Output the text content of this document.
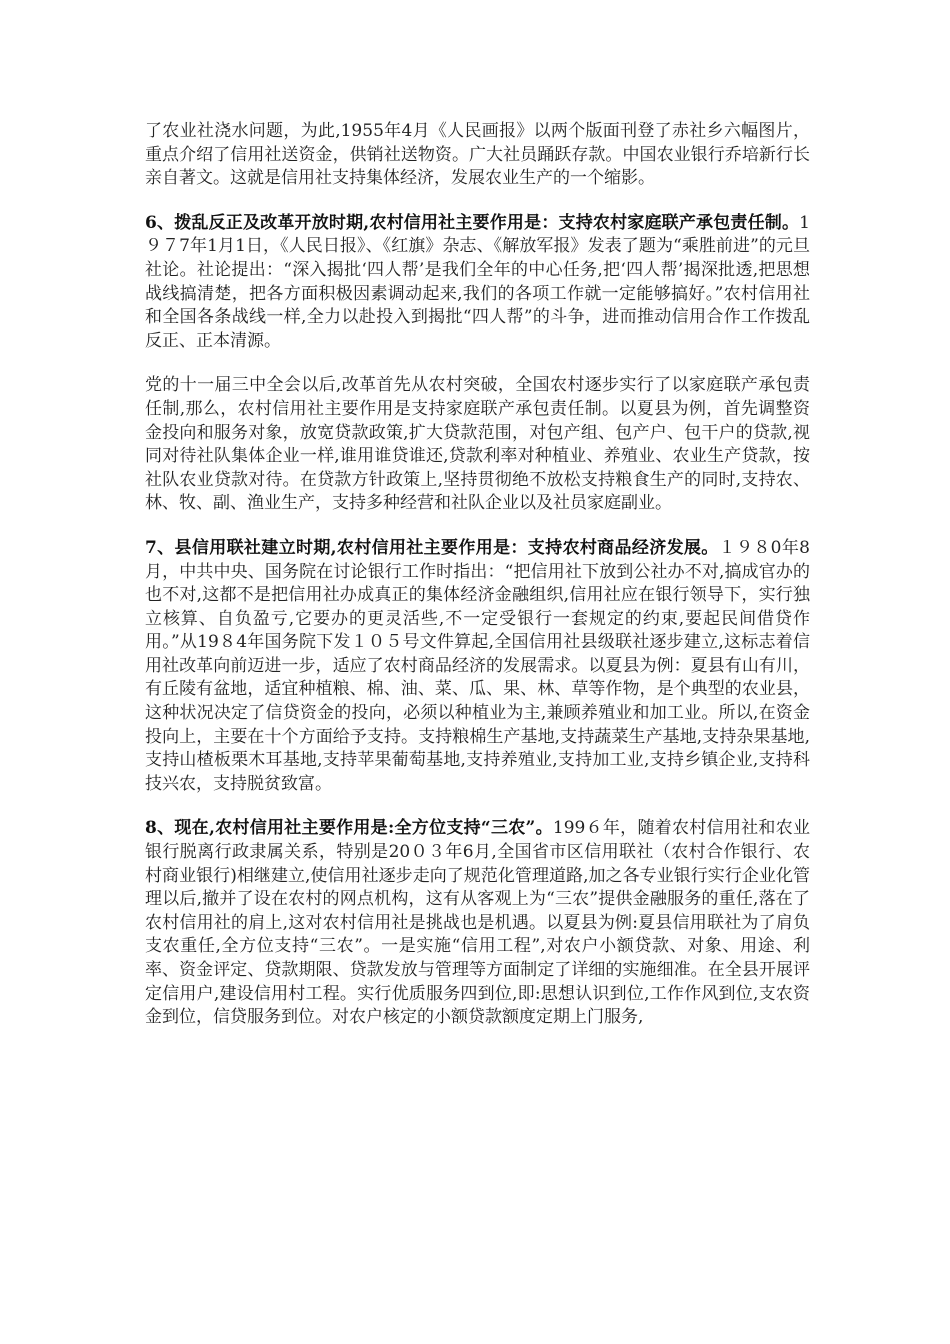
了农业社浇水问题，为此,1955年4月《人民画报》以两个版面刊登了赤社乡六幅图片，重点介绍了信用社送资金，供销社送物资。广大社员踊跃存款。中国农业银行乔培新行长亲自著文。这就是信用社支持集体经济，发展农业生产的一个缩影。

6、拨乱反正及改革开放时期,农村信用社主要作用是：支持农村家庭联产承包责任制。1９７7年1月1日，《人民日报》、《红旗》杂志、《解放军报》发表了题为“乘胜前进”的元旦社论。社论提出：“深入揭批‘四人帮’是我们全年的中心任务,把‘四人帮’揭深批透,把思想战线搞清楚，把各方面积极因素调动起来,我们的各项工作就一定能够搞好。”农村信用社和全国各条战线一样,全力以赴投入到揭批“四人帮”的斗争，进而推动信用合作工作拨乱反正、正本清源。

党的十一届三中全会以后,改革首先从农村突破，全国农村逐步实行了以家庭联产承包责任制,那么，农村信用社主要作用是支持家庭联产承包责任制。以夏县为例，首先调整资金投向和服务对象，放宽贷款政策,扩大贷款范围，对包产组、包产户、包干户的贷款,视同对待社队集体企业一样,谁用谁贷谁还,贷款利率对种植业、养殖业、农业生产贷款，按社队农业贷款对待。在贷款方针政策上,坚持贯彻绝不放松支持粮食生产的同时,支持农、林、牧、副、渔业生产，支持多种经营和社队企业以及社员家庭副业。

7、县信用联社建立时期,农村信用社主要作用是：支持农村商品经济发展。１９８0年8月，中共中央、国务院在讨论银行工作时指出：“把信用社下放到公社办不对,搞成官办的也不对,这都不是把信用社办成真正的集体经济金融组织,信用社应在银行领导下，实行独立核算、自负盈亏,它要办的更灵活些,不一定受银行一套规定的约束,要起民间借贷作用。”从19８4年国务院下发１０５号文件算起,全国信用社县级联社逐步建立,这标志着信用社改革向前迈进一步，适应了农村商品经济的发展需求。以夏县为例：夏县有山有川，有丘陵有盆地，适宜种植粮、棉、油、菜、瓜、果、林、草等作物，是个典型的农业县，这种状况决定了信贷资金的投向，必须以种植业为主,兼顾养殖业和加工业。所以,在资金投向上，主要在十个方面给予支持。支持粮棉生产基地,支持蔬菜生产基地,支持杂果基地,支持山楂板栗木耳基地,支持苹果葡萄基地,支持养殖业,支持加工业,支持乡镇企业,支持科技兴农，支持脱贫致富。

8、现在,农村信用社主要作用是:全方位支持“三农”。199６年，随着农村信用社和农业银行脱离行政隶属关系，特别是20０３年6月,全国省市区信用联社（农村合作银行、农村商业银行)相继建立,使信用社逐步走向了规范化管理道路,加之各专业银行实行企业化管理以后,撤并了设在农村的网点机构，这有从客观上为“三农”提供金融服务的重任,落在了农村信用社的肩上,这对农村信用社是挑战也是机遇。以夏县为例:夏县信用联社为了肩负支农重任,全方位支持“三农”。一是实施“信用工程”,对农户小额贷款、对象、用途、利率、资金评定、贷款期限、贷款发放与管理等方面制定了详细的实施细准。在全县开展评定信用户,建设信用村工程。实行优质服务四到位,即:思想认识到位,工作作风到位,支农资金到位，信贷服务到位。对农户核定的小额贷款额度定期上门服务,
